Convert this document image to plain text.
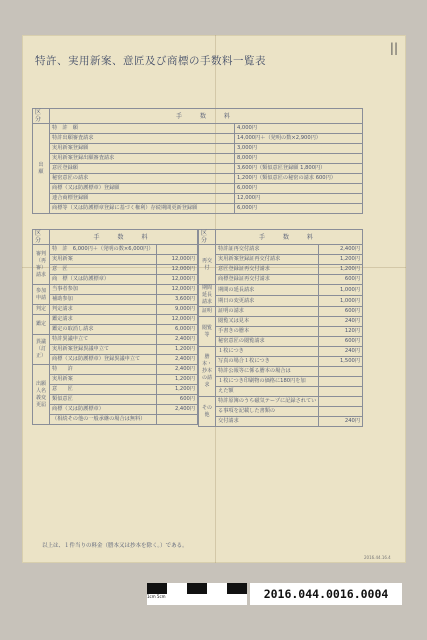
||
特許、実用新案、意匠及び商標の手数料一覧表
区分	手　数　料	
出　　　　　願	特　許　願	4,000円
	特許出願審査請求	14,000円＋（発明の数×2,900円）
	実用新案登録願	3,000円
	実用新案登録出願審査請求	8,000円
	意匠登録願	3,600円（類似意匠登録願 1,800円）
	秘密意匠の請求	1,200円（類似意匠の秘密の請求 600円）
	商標（又は防護標章）登録願	6,000円
	連合商標登録願	12,000円
	商標等（又は防護標章登録に基づく権利）存続期間更新登録願	6,000円
区分	手　数　料	
審判（再審）請求	特　許　6,000円＋（発明の数×6,000円）	
	実用新案	12,000円
	意　匠	12,000円
	商　標（又は防護標章）	12,000円
参加申請	当事者参加	12,000円
	補助参加	3,600円
判定	判定請求	9,000円
鑑定	鑑定請求	12,000円
	鑑定の取消し請求	6,000円
異議（訂正）	特許異議申立て	2,400円
	実用新案登録異議申立て	1,200円
	商標（又は防護標章）登録異議申立て	2,400円
出願人名義変更届	特　　許	2,400円
	実用新案	1,200円
	意　　匠	1,200円
	類似意匠	600円
	商標（又は防護標章）	2,400円
	（相続その他の一般承継の場合は無料）	
区分	手　数　料	
再交付	特許証再交付請求	2,400円
	実用新案登録証再交付請求	1,200円
	意匠登録証再交付請求	1,200円
	商標登録証再交付請求	600円
期間延長請求	期間の延長請求	1,000円
	期日の変更請求	1,000円
証明	証明の請求	600円
閲覧等	閲覧又は見本	240円
	手書きの謄本	120円
	秘密意匠の閲覧請求	600円
謄本・抄本の請求	１枚につき	240円
	写真の場合１枚につき	1,500円
	特許公報等に係る謄本の場合は	
	１枚につき印刷物の価格に180円を加	
	えた額	
その他	特許原簿のうち磁気テープに記録されてい	
	る事項を記載した書類の	
	交付請求	240円
以上は、１件当りの料金（謄本又は抄本を除く。）である。
2016.44.16.4
1cm 5cm	2016.044.0016.0004
